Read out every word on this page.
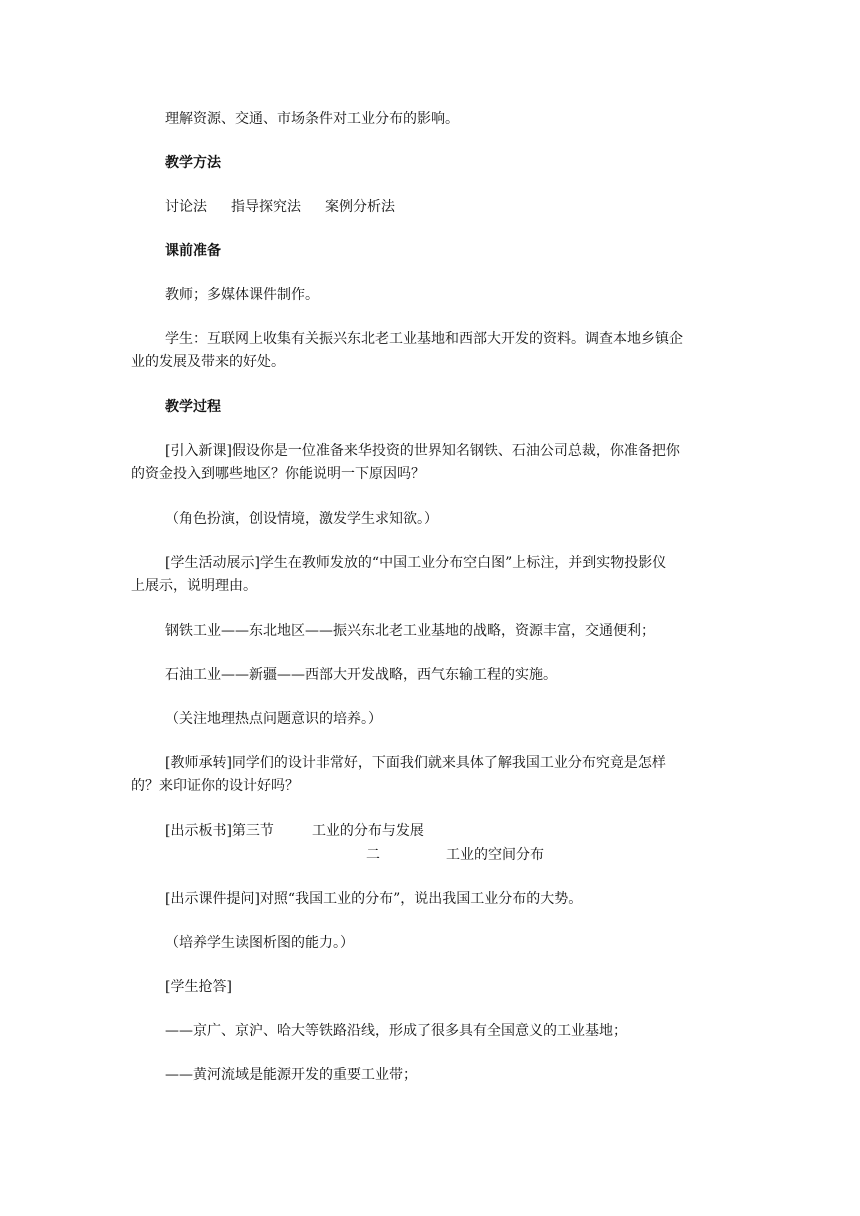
理解资源、交通、市场条件对工业分布的影响。
教学方法
讨论法 指导探究法 案例分析法
课前准备
教师；多媒体课件制作。
学生：互联网上收集有关振兴东北老工业基地和西部大开发的资料。调查本地乡镇企
业的发展及带来的好处。
教学过程
[引入新课]假设你是一位准备来华投资的世界知名钢铁、石油公司总裁，你准备把你
的资金投入到哪些地区？你能说明一下原因吗？
（角色扮演，创设情境，激发学生求知欲。）
[学生活动展示]学生在教师发放的“中国工业分布空白图”上标注，并到实物投影仪
上展示，说明理由。
钢铁工业——东北地区——振兴东北老工业基地的战略，资源丰富，交通便利；
石油工业——新疆——西部大开发战略，西气东输工程的实施。
（关注地理热点问题意识的培养。）
[教师承转]同学们的设计非常好，下面我们就来具体了解我国工业分布究竟是怎样
的？来印证你的设计好吗？
[出示板书]第三节	工业的分布与发展
二	工业的空间分布
[出示课件提问]对照“我国工业的分布”，说出我国工业分布的大势。
（培养学生读图析图的能力。）
[学生抢答]
——京广、京沪、哈大等铁路沿线，形成了很多具有全国意义的工业基地；
——黄河流域是能源开发的重要工业带；
